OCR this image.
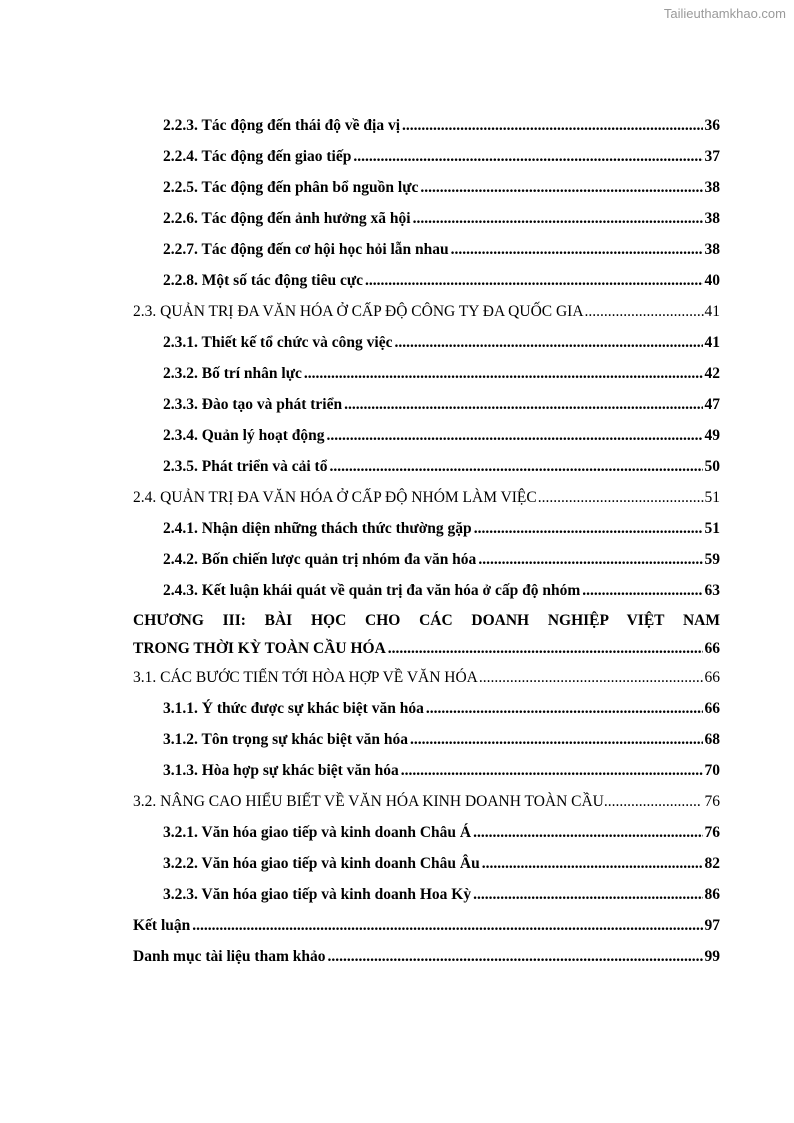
Tailieuthamkhao.com
2.2.3. Tác động đến thái độ về địa vị .....	36
2.2.4. Tác động đến giao tiếp .....	37
2.2.5. Tác động đến phân bổ nguồn lực .....	38
2.2.6. Tác động đến ảnh hưởng xã hội .....	38
2.2.7. Tác động đến cơ hội học hỏi lẫn nhau .....	38
2.2.8. Một số tác động tiêu cực .....	40
2.3. QUẢN TRỊ ĐA VĂN HÓA Ở CẤP ĐỘ CÔNG TY ĐA QUỐC GIA .....	41
2.3.1. Thiết kế tổ chức và công việc .....	41
2.3.2. Bố trí nhân lực .....	42
2.3.3. Đào tạo và phát triển .....	47
2.3.4. Quản lý hoạt động .....	49
2.3.5. Phát triển và cải tổ .....	50
2.4. QUẢN TRỊ ĐA VĂN HÓA Ở CẤP ĐỘ NHÓM LÀM VIỆC .....	51
2.4.1. Nhận diện những thách thức thường gặp .....	51
2.4.2. Bốn chiến lược quản trị nhóm đa văn hóa .....	59
2.4.3. Kết luận khái quát về quản trị đa văn hóa ở cấp độ nhóm .....	63
CHƯƠNG III: BÀI HỌC CHO CÁC DOANH NGHIỆP VIỆT NAM
TRONG THỜI KỲ TOÀN CẦU HÓA .....	66
3.1. CÁC BƯỚC TIẾN TỚI HÒA HỢP VỀ VĂN HÓA .....	66
3.1.1. Ý thức được sự khác biệt văn hóa .....	66
3.1.2. Tôn trọng sự khác biệt văn hóa .....	68
3.1.3. Hòa hợp sự khác biệt văn hóa .....	70
3.2. NÂNG CAO HIỂU BIẾT VỀ VĂN HÓA KINH DOANH TOÀN CẦU .....	76
3.2.1. Văn hóa giao tiếp và kinh doanh Châu Á .....	76
3.2.2. Văn hóa giao tiếp và kinh doanh Châu Âu .....	82
3.2.3. Văn hóa giao tiếp và kinh doanh Hoa Kỳ .....	86
Kết luận .....	97
Danh mục tài liệu tham khảo .....	99
